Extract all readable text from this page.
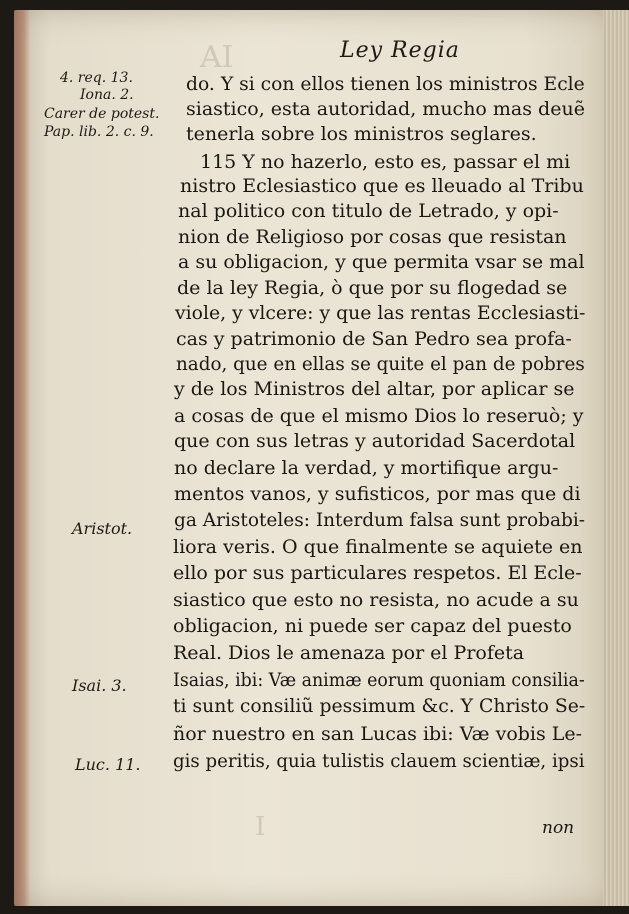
AI
I
Ley Regia
4. req. 13.
Iona. 2.
Carer de potest.
Pap. lib. 2. c. 9.
Aristot.
Isai. 3.
Luc. 11.
do. Y si con ellos tienen los ministros Ecle
siastico, esta autoridad, mucho mas deuẽ
tenerla sobre los ministros seglares.
115 Y no hazerlo, esto es, passar el mi
nistro Eclesiastico que es lleuado al Tribu
nal politico con titulo de Letrado, y opi-
nion de Religioso por cosas que resistan
a su obligacion, y que permita vsar se mal
de la ley Regia, ò que por su flogedad se
viole, y vlcere: y que las rentas Ecclesiasti-
cas y patrimonio de San Pedro sea profa-
nado, que en ellas se quite el pan de pobres
y de los Ministros del altar, por aplicar se
a cosas de que el mismo Dios lo reseruò; y
que con sus letras y autoridad Sacerdotal
no declare la verdad, y mortifique argu-
mentos vanos, y sufisticos, por mas que di
ga Aristoteles: Interdum falsa sunt probabi-
liora veris. O que finalmente se aquiete en
ello por sus particulares respetos. El Ecle-
siastico que esto no resista, no acude a su
obligacion, ni puede ser capaz del puesto
Real. Dios le amenaza por el Profeta
Isaias, ibi: Væ animæ eorum quoniam consilia-
ti sunt consiliũ pessimum &c. Y Christo Se-
ñor nuestro en san Lucas ibi: Væ vobis Le-
gis peritis, quia tulistis clauem scientiæ, ipsi
non
